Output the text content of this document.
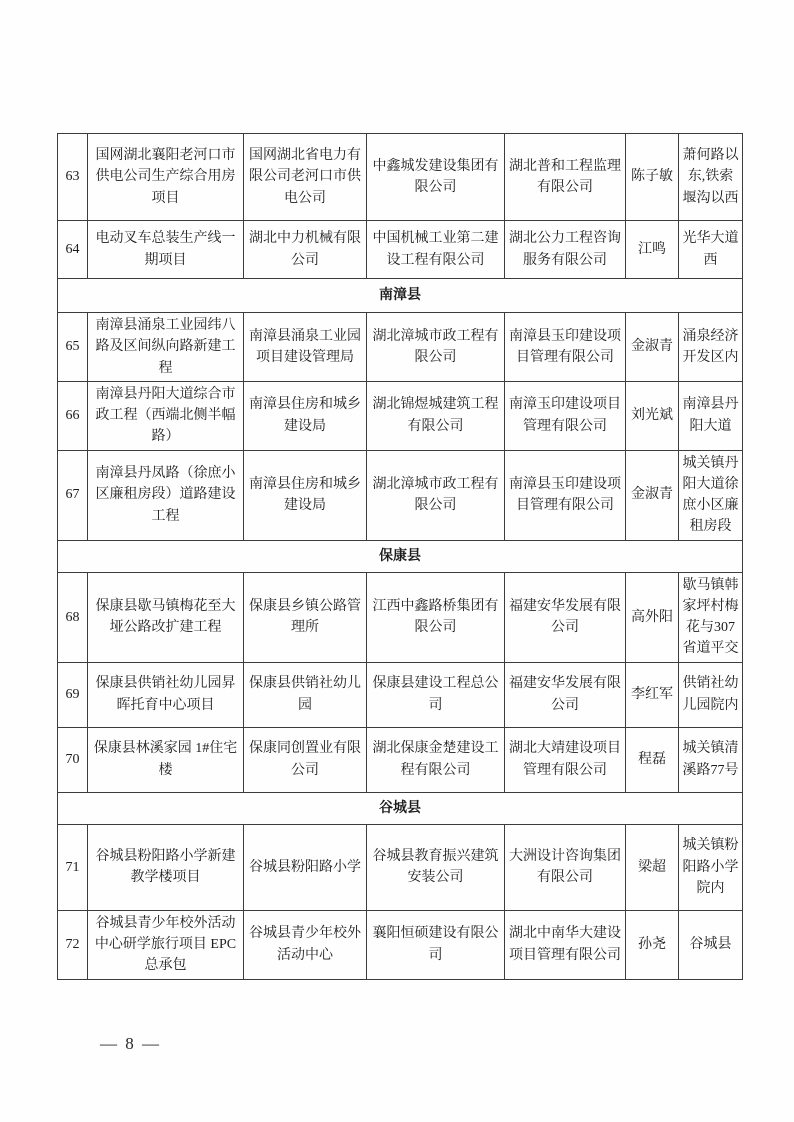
63	国网湖北襄阳老河口市供电公司生产综合用房项目	国网湖北省电力有限公司老河口市供电公司	中鑫城发建设集团有限公司	湖北普和工程监理有限公司	陈子敏	萧何路以东,铁索堰沟以西
64	电动叉车总装生产线一期项目	湖北中力机械有限公司	中国机械工业第二建设工程有限公司	湖北公力工程咨询服务有限公司	江鸣	光华大道西
南漳县						
65	南漳县涌泉工业园纬八路及区间纵向路新建工程	南漳县涌泉工业园项目建设管理局	湖北漳城市政工程有限公司	南漳县玉印建设项目管理有限公司	金淑青	涌泉经济开发区内
66	南漳县丹阳大道综合市政工程（西端北侧半幅路）	南漳县住房和城乡建设局	湖北锦煜城建筑工程有限公司	南漳玉印建设项目管理有限公司	刘光斌	南漳县丹阳大道
67	南漳县丹凤路（徐庶小区廉租房段）道路建设工程	南漳县住房和城乡建设局	湖北漳城市政工程有限公司	南漳县玉印建设项目管理有限公司	金淑青	城关镇丹阳大道徐庶小区廉租房段
保康县						
68	保康县歇马镇梅花至大垭公路改扩建工程	保康县乡镇公路管理所	江西中鑫路桥集团有限公司	福建安华发展有限公司	高外阳	歇马镇韩家坪村梅花与307省道平交
69	保康县供销社幼儿园昇晖托育中心项目	保康县供销社幼儿园	保康县建设工程总公司	福建安华发展有限公司	李红军	供销社幼儿园院内
70	保康县林溪家园 1#住宅楼	保康同创置业有限公司	湖北保康金楚建设工程有限公司	湖北大靖建设项目管理有限公司	程磊	城关镇清溪路77号
谷城县						
71	谷城县粉阳路小学新建教学楼项目	谷城县粉阳路小学	谷城县教育振兴建筑安装公司	大洲设计咨询集团有限公司	梁超	城关镇粉阳路小学院内
72	谷城县青少年校外活动中心研学旅行项目 EPC 总承包	谷城县青少年校外活动中心	襄阳恒硕建设有限公司	湖北中南华大建设项目管理有限公司	孙尧	谷城县
— 8 —
